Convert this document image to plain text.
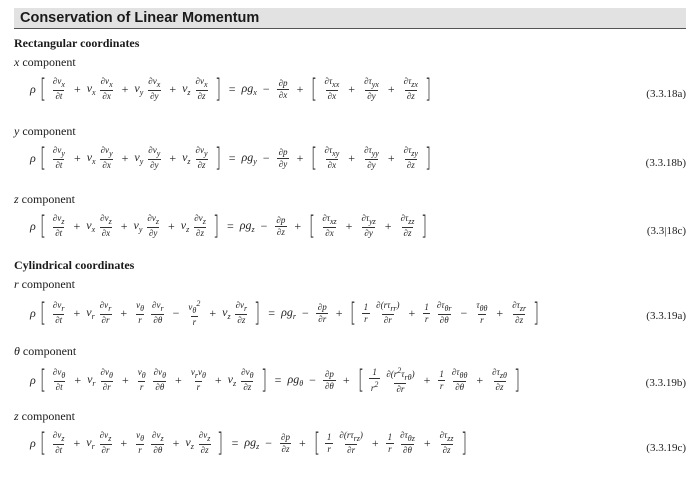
Conservation of Linear Momentum
Rectangular coordinates
x component
ρ [ $\frac{\partial v_x}{\partial t} + v_x \frac{\partial v_x}{\partial x} + v_y \frac{\partial v_x}{\partial y} + v_z \frac{\partial v_x}{\partial z}$ ] = $\rho g_x - \frac{\partial p}{\partial x}$ + [ $\frac{\partial\tau_{xx}}{\partial x} + \frac{\partial\tau_{yx}}{\partial y} + \frac{\partial\tau_{zx}}{\partial z}$ ]	(3.3.18a)
y component
ρ [ $\frac{\partial v_y}{\partial t} + v_x \frac{\partial v_y}{\partial x} + v_y \frac{\partial v_y}{\partial y} + v_z \frac{\partial v_y}{\partial z}$ ] = $\rho g_y - \frac{\partial p}{\partial y}$ + [ $\frac{\partial\tau_{xy}}{\partial x} + \frac{\partial\tau_{yy}}{\partial y} + \frac{\partial\tau_{zy}}{\partial z}$ ]	(3.3.18b)
z component
ρ [ $\frac{\partial v_z}{\partial t} + v_x \frac{\partial v_z}{\partial x} + v_y \frac{\partial v_z}{\partial y} + v_z \frac{\partial v_z}{\partial z}$ ] = $\rho g_z - \frac{\partial p}{\partial z}$ + [ $\frac{\partial\tau_{xz}}{\partial x} + \frac{\partial\tau_{yz}}{\partial y} + \frac{\partial\tau_{zz}}{\partial z}$ ]	(3.3|18c)
Cylindrical coordinates
r component
ρ [ $\frac{\partial v_r}{\partial t} + v_r \frac{\partial v_r}{\partial r} + \frac{v_\theta}{r} \frac{\partial v_r}{\partial\theta} - \frac{v_\theta^2}{r} + v_z \frac{\partial v_r}{\partial z}$ ] = $\rho g_r - \frac{\partial p}{\partial r}$ + [ $\frac{1}{r} \frac{\partial(r\tau_{rr})}{\partial r} + \frac{1}{r} \frac{\partial\tau_{\theta r}}{\partial\theta} - \frac{\tau_{\theta\theta}}{r} + \frac{\partial\tau_{zr}}{\partial z}$ ]	(3.3.19a)
θ component
ρ [ $\frac{\partial v_\theta}{\partial t} + v_r \frac{\partial v_\theta}{\partial r} + \frac{v_\theta}{r} \frac{\partial v_\theta}{\partial\theta} + \frac{v_rv_\theta}{r} + v_z \frac{\partial v_\theta}{\partial z}$ ] = $\rho g_\theta - \frac{\partial p}{\partial\theta}$ + [ $\frac{1}{r^2} \frac{\partial(r^2\tau_{r\theta})}{\partial r} + \frac{1}{r} \frac{\partial\tau_{\theta\theta}}{\partial\theta} + \frac{\partial\tau_{z\theta}}{\partial z}$ ]	(3.3.19b)
z component
ρ [ $\frac{\partial v_z}{\partial t} + v_r \frac{\partial v_z}{\partial r} + \frac{v_\theta}{r} \frac{\partial v_z}{\partial\theta} + v_z \frac{\partial v_z}{\partial z}$ ] = $\rho g_z - \frac{\partial p}{\partial z}$ + [ $\frac{1}{r} \frac{\partial(r\tau_{rz})}{\partial r} + \frac{1}{r} \frac{\partial\tau_{\theta z}}{\partial\theta} + \frac{\partial\tau_{zz}}{\partial z}$ ]	(3.3.19c)
